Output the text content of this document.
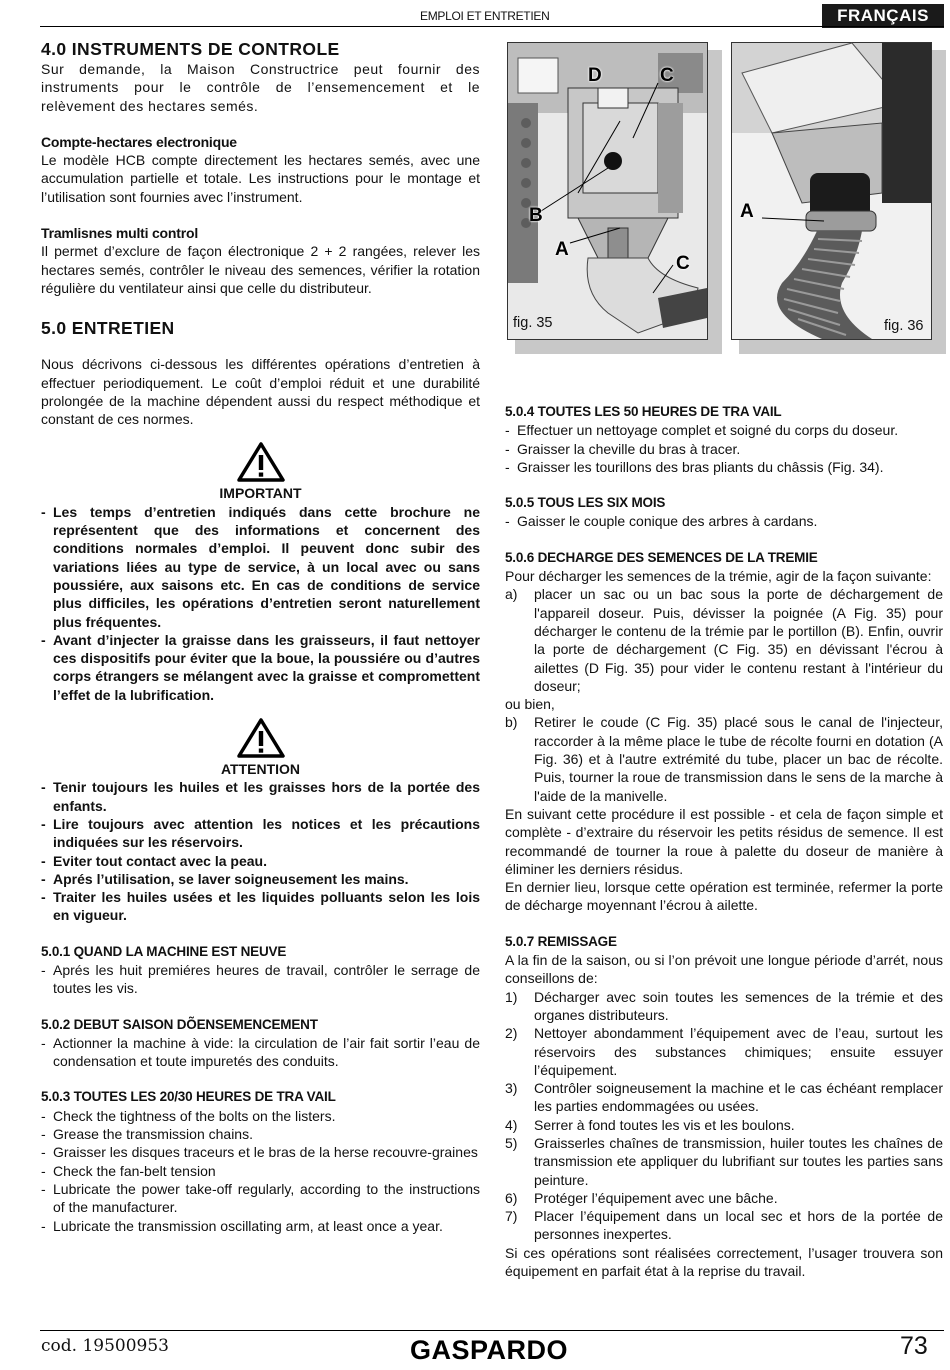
EMPLOI ET ENTRETIEN	FRANÇAIS
D	C
B
A
C
fig. 35
A
fig. 36

4.0 INSTRUMENTS DE CONTROLE

Sur demande, la Maison Constructrice peut fournir des instruments pour le contrôle de l’ensemencement et le relèvement des hectares semés.

Compte-hectares electronique

Le modèle HCB compte directement les hectares semés, avec une accumulation partielle et totale. Les instructions pour le montage et l’utilisation sont fournies avec l’instrument.

Tramlisnes multi control

Il permet d’exclure de façon électronique 2 + 2 rangées, relever les hectares semés, contrôler le niveau des semences, vérifier la rotation régulière du ventilateur ainsi que celle du distributeur.

5.0 ENTRETIEN

Nous décrivons ci-dessous les différentes opérations d’entretien à effectuer periodiquement. Le coût d’emploi réduit et une durabilité prolongée de la machine dépendent aussi du respect méthodique et constant de ces normes.

IMPORTANT
- Les temps d’entretien indiqués dans cette brochure ne représentent que des informations et concernent des conditions normales d’emploi. Il peuvent donc subir des variations liées au type de service, à un local avec ou sans poussiére, aux saisons etc. En cas de conditions de service plus difficiles, les opérations d’entretien seront naturellement plus fréquentes.
- Avant d’injecter la graisse dans les graisseurs, il faut nettoyer ces dispositifs pour éviter que la boue, la poussiére ou d’autres corps étrangers se mélangent avec la graisse et compromettent l’effet de la lubrification.
ATTENTION
- Tenir toujours les huiles et les graisses hors de la portée des enfants.
- Lire toujours avec attention les notices et les précautions indiquées sur les réservoirs.
- Eviter tout contact avec la peau.
- Aprés l’utilisation, se laver soigneusement les mains.
- Traiter les huiles usées et les liquides polluants selon les lois en vigueur.

5.0.1 QUAND LA MACHINE EST NEUVE

- Aprés les huit premiéres heures de travail, contrôler le serrage de toutes les vis.

5.0.2 DEBUT SAISON DÕENSEMENCEMENT

- Actionner la machine à vide: la circulation de l’air fait sortir l’eau de condensation et toute impuretés des conduits.

5.0.3 TOUTES LES 20/30 HEURES DE TRA VAIL

- Check the tightness of the bolts on the listers.
- Grease the transmission chains.
- Graisser les disques traceurs et le bras de la herse recouvre-graines
- Check the fan-belt tension
- Lubricate the power take-off regularly, according to the instructions of the manufacturer.
- Lubricate the transmission oscillating arm, at least once a year.

5.0.4 TOUTES LES 50 HEURES DE TRA VAIL

- Effectuer un nettoyage complet et soigné du corps du doseur.
- Graisser la cheville du bras à tracer.
- Graisser les tourillons des bras pliants du châssis (Fig. 34).

5.0.5 TOUS LES SIX MOIS

- Gaisser le couple conique des arbres à cardans.

5.0.6 DECHARGE DES SEMENCES DE LA TREMIE

Pour décharger les semences de la trémie, agir de la façon suivante:

a) placer un sac ou un bac sous la porte de déchargement de l'appareil doseur. Puis, dévisser la poignée (A Fig. 35) pour décharger le contenu de la trémie par le portillon (B). Enfin, ouvrir la porte de déchargement (C Fig. 35) en dévissant l'écrou à ailettes (D Fig. 35) pour vider le contenu restant à l'intérieur du doseur;

ou bien,

b) Retirer le coude (C Fig. 35) placé sous le canal de l'injecteur, raccorder à la même place le tube de récolte fourni en dotation (A Fig. 36) et à l'autre extrémité du tube, placer un bac de récolte. Puis, tourner la roue de transmission dans le sens de la marche à l'aide de la manivelle.

En suivant cette procédure il est possible - et cela de façon simple et complète - d’extraire du réservoir les petits résidus de semence. Il est recommandé de tourner la roue à palette du doseur de manière à éliminer les derniers résidus.

En dernier lieu, lorsque cette opération est terminée, refermer la porte de décharge moyennant l’écrou à ailette.

5.0.7 REMISSAGE

A la fin de la saison, ou si l’on prévoit une longue période d’arrét, nous conseillons de:

1) Décharger avec soin toutes les semences de la trémie et des organes distributeurs.
2) Nettoyer abondamment l’équipement avec de l’eau, surtout les réservoirs des substances chimiques; ensuite essuyer l’équipement.
3) Contrôler soigneusement la machine et le cas échéant remplacer les parties endommagées ou usées.
4) Serrer à fond toutes les vis et les boulons.
5) Graisserles chaînes de transmission, huiler toutes les chaînes de transmission ete appliquer du lubrifiant sur toutes les parties sans peinture.
6) Protéger l’équipement avec une bâche.
7) Placer l’équipement dans un local sec et hors de la portée de personnes inexpertes.

Si ces opérations sont réalisées correctement, l’usager trouvera son équipement en parfait état à la reprise du travail.

cod. 19500953	GASPARDO	73
